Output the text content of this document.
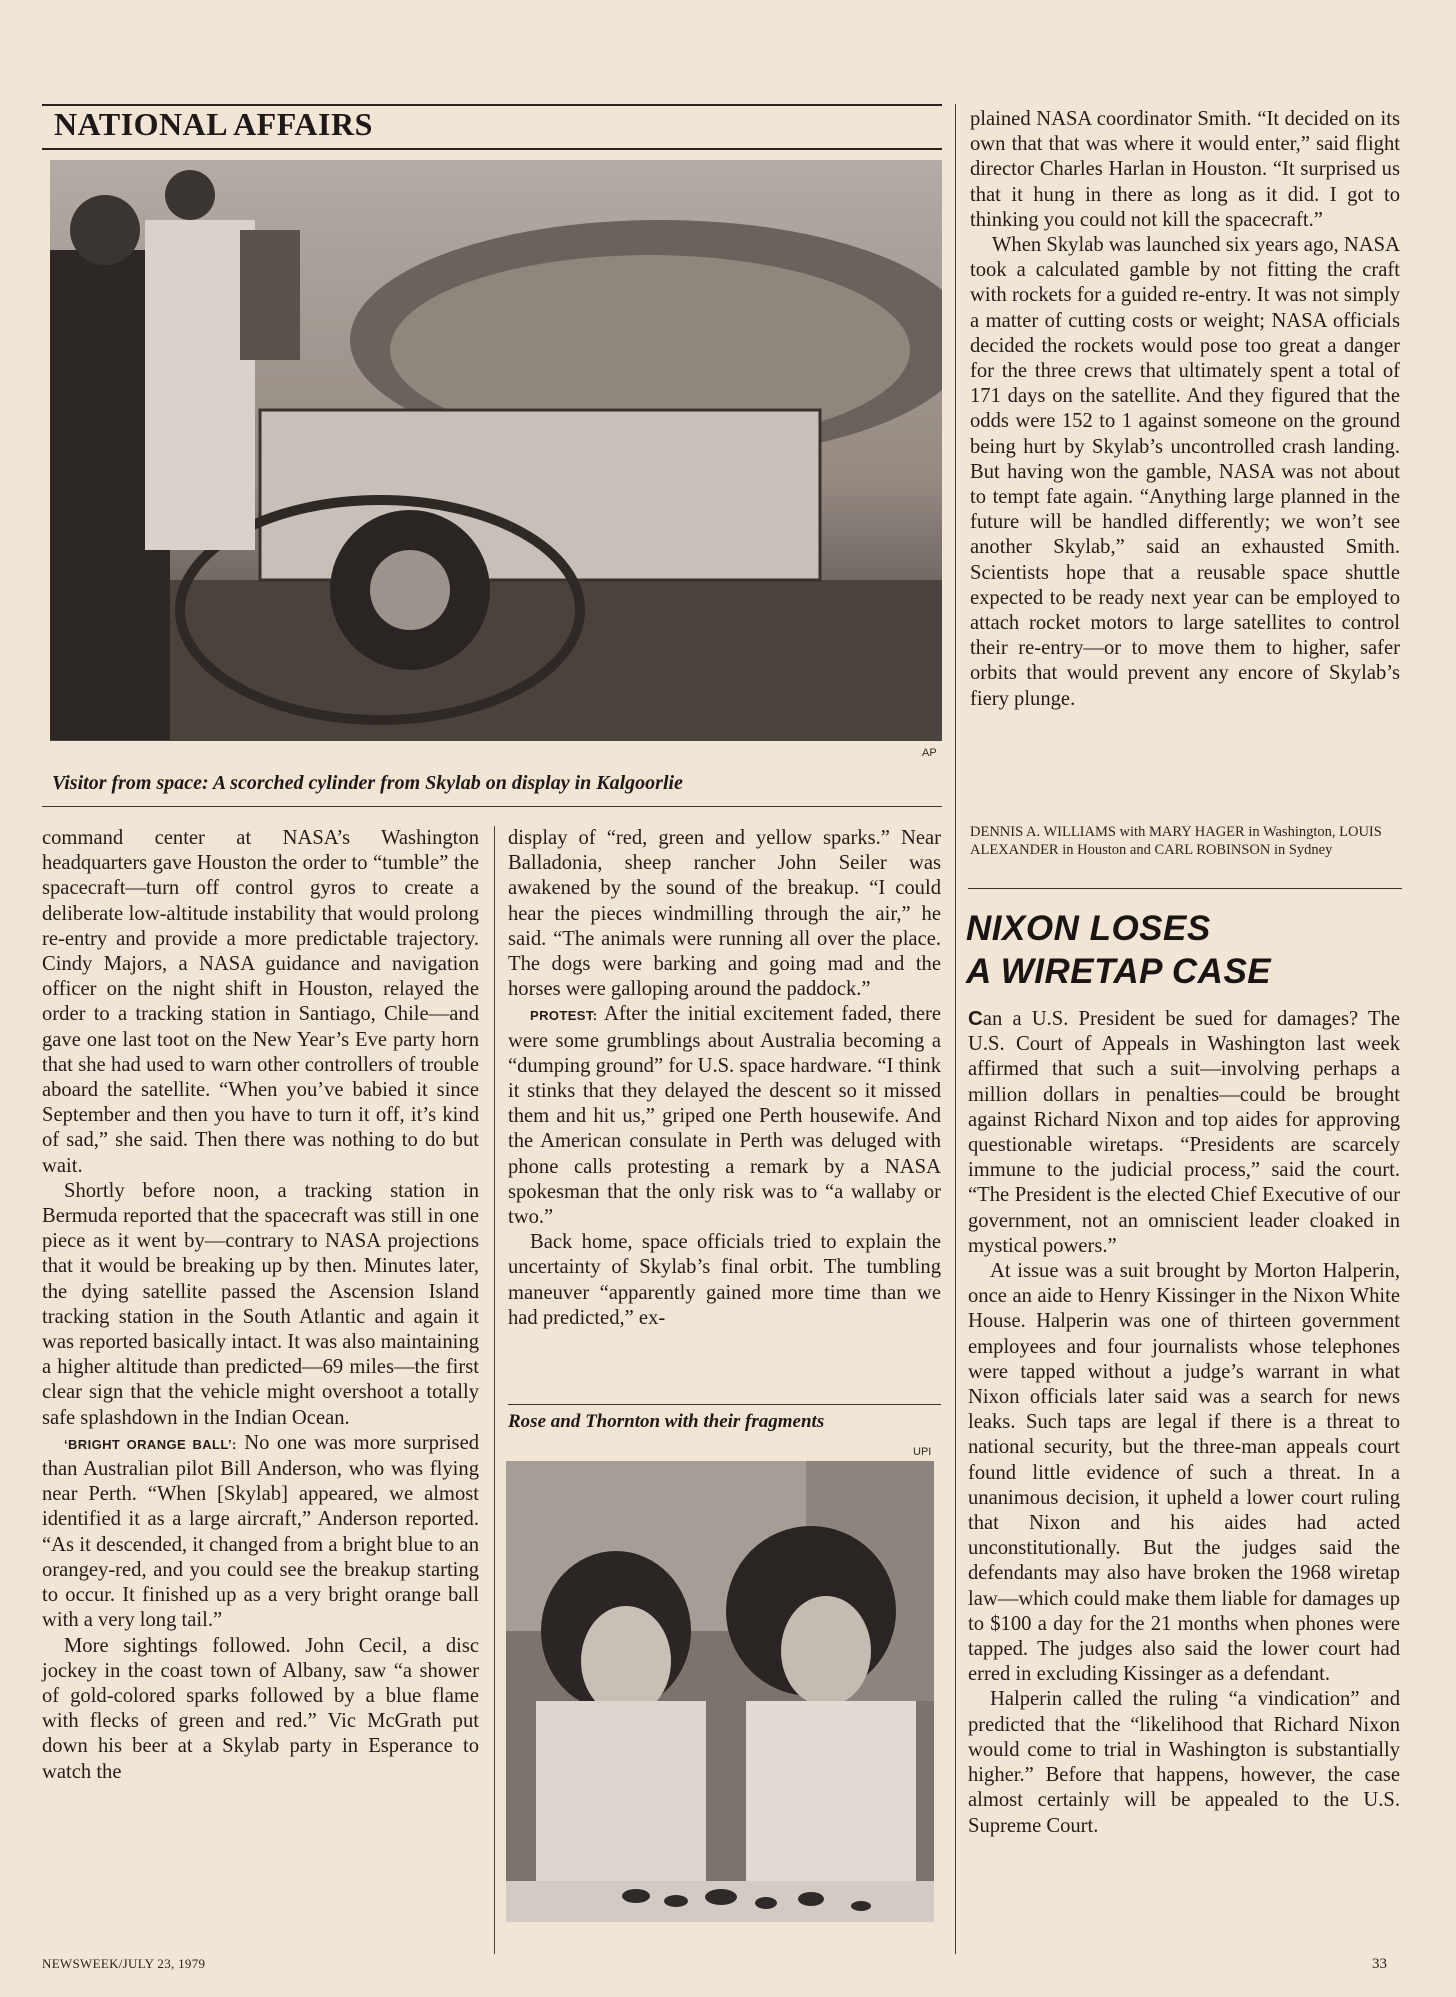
NATIONAL AFFAIRS
AP
Visitor from space: A scorched cylinder from Skylab on display in Kalgoorlie

command center at NASA’s Washington headquarters gave Houston the order to “tumble” the spacecraft—turn off control gyros to create a deliberate low-altitude instability that would prolong re-entry and provide a more predictable trajectory. Cindy Majors, a NASA guidance and navigation officer on the night shift in Houston, relayed the order to a tracking station in Santiago, Chile—and gave one last toot on the New Year’s Eve party horn that she had used to warn other controllers of trouble aboard the satellite. “When you’ve babied it since September and then you have to turn it off, it’s kind of sad,” she said. Then there was nothing to do but wait.

Shortly before noon, a tracking station in Bermuda reported that the spacecraft was still in one piece as it went by—contrary to NASA projections that it would be breaking up by then. Minutes later, the dying satellite passed the Ascension Island tracking station in the South Atlantic and again it was reported basically intact. It was also maintaining a higher altitude than predicted—69 miles—the first clear sign that the vehicle might overshoot a totally safe splashdown in the Indian Ocean.

‘BRIGHT ORANGE BALL’: No one was more surprised than Australian pilot Bill Anderson, who was flying near Perth. “When [Skylab] appeared, we almost identified it as a large aircraft,” Anderson reported. “As it descended, it changed from a bright blue to an orangey-red, and you could see the breakup starting to occur. It finished up as a very bright orange ball with a very long tail.”

More sightings followed. John Cecil, a disc jockey in the coast town of Albany, saw “a shower of gold-colored sparks followed by a blue flame with flecks of green and red.” Vic McGrath put down his beer at a Skylab party in Esperance to watch the

display of “red, green and yellow sparks.” Near Balladonia, sheep rancher John Seiler was awakened by the sound of the breakup. “I could hear the pieces windmilling through the air,” he said. “The animals were running all over the place. The dogs were barking and going mad and the horses were galloping around the paddock.”

PROTEST: After the initial excitement faded, there were some grumblings about Australia becoming a “dumping ground” for U.S. space hardware. “I think it stinks that they delayed the descent so it missed them and hit us,” griped one Perth housewife. And the American consulate in Perth was deluged with phone calls protesting a remark by a NASA spokesman that the only risk was to “a wallaby or two.”

Back home, space officials tried to explain the uncertainty of Skylab’s final orbit. The tumbling maneuver “apparently gained more time than we had predicted,” ex-

Rose and Thornton with their fragments
UPI

plained NASA coordinator Smith. “It decided on its own that that was where it would enter,” said flight director Charles Harlan in Houston. “It surprised us that it hung in there as long as it did. I got to thinking you could not kill the spacecraft.”

When Skylab was launched six years ago, NASA took a calculated gamble by not fitting the craft with rockets for a guided re-entry. It was not simply a matter of cutting costs or weight; NASA officials decided the rockets would pose too great a danger for the three crews that ultimately spent a total of 171 days on the satellite. And they figured that the odds were 152 to 1 against someone on the ground being hurt by Skylab’s uncontrolled crash landing. But having won the gamble, NASA was not about to tempt fate again. “Anything large planned in the future will be handled differently; we won’t see another Skylab,” said an exhausted Smith. Scientists hope that a reusable space shuttle expected to be ready next year can be employed to attach rocket motors to large satellites to control their re-entry—or to move them to higher, safer orbits that would prevent any encore of Skylab’s fiery plunge.

DENNIS A. WILLIAMS with MARY HAGER in Washington, LOUIS ALEXANDER in Houston and CARL ROBINSON in Sydney
NIXON LOSES
A WIRETAP CASE

Can a U.S. President be sued for damages? The U.S. Court of Appeals in Washington last week affirmed that such a suit—involving perhaps a million dollars in penalties—could be brought against Richard Nixon and top aides for approving questionable wiretaps. “Presidents are scarcely immune to the judicial process,” said the court. “The President is the elected Chief Executive of our government, not an omniscient leader cloaked in mystical powers.”

At issue was a suit brought by Morton Halperin, once an aide to Henry Kissinger in the Nixon White House. Halperin was one of thirteen government employees and four journalists whose telephones were tapped without a judge’s warrant in what Nixon officials later said was a search for news leaks. Such taps are legal if there is a threat to national security, but the three-man appeals court found little evidence of such a threat. In a unanimous decision, it upheld a lower court ruling that Nixon and his aides had acted unconstitutionally. But the judges said the defendants may also have broken the 1968 wiretap law—which could make them liable for damages up to $100 a day for the 21 months when phones were tapped. The judges also said the lower court had erred in excluding Kissinger as a defendant.

Halperin called the ruling “a vindication” and predicted that the “likelihood that Richard Nixon would come to trial in Washington is substantially higher.” Before that happens, however, the case almost certainly will be appealed to the U.S. Supreme Court.

NEWSWEEK/JULY 23, 1979	33
